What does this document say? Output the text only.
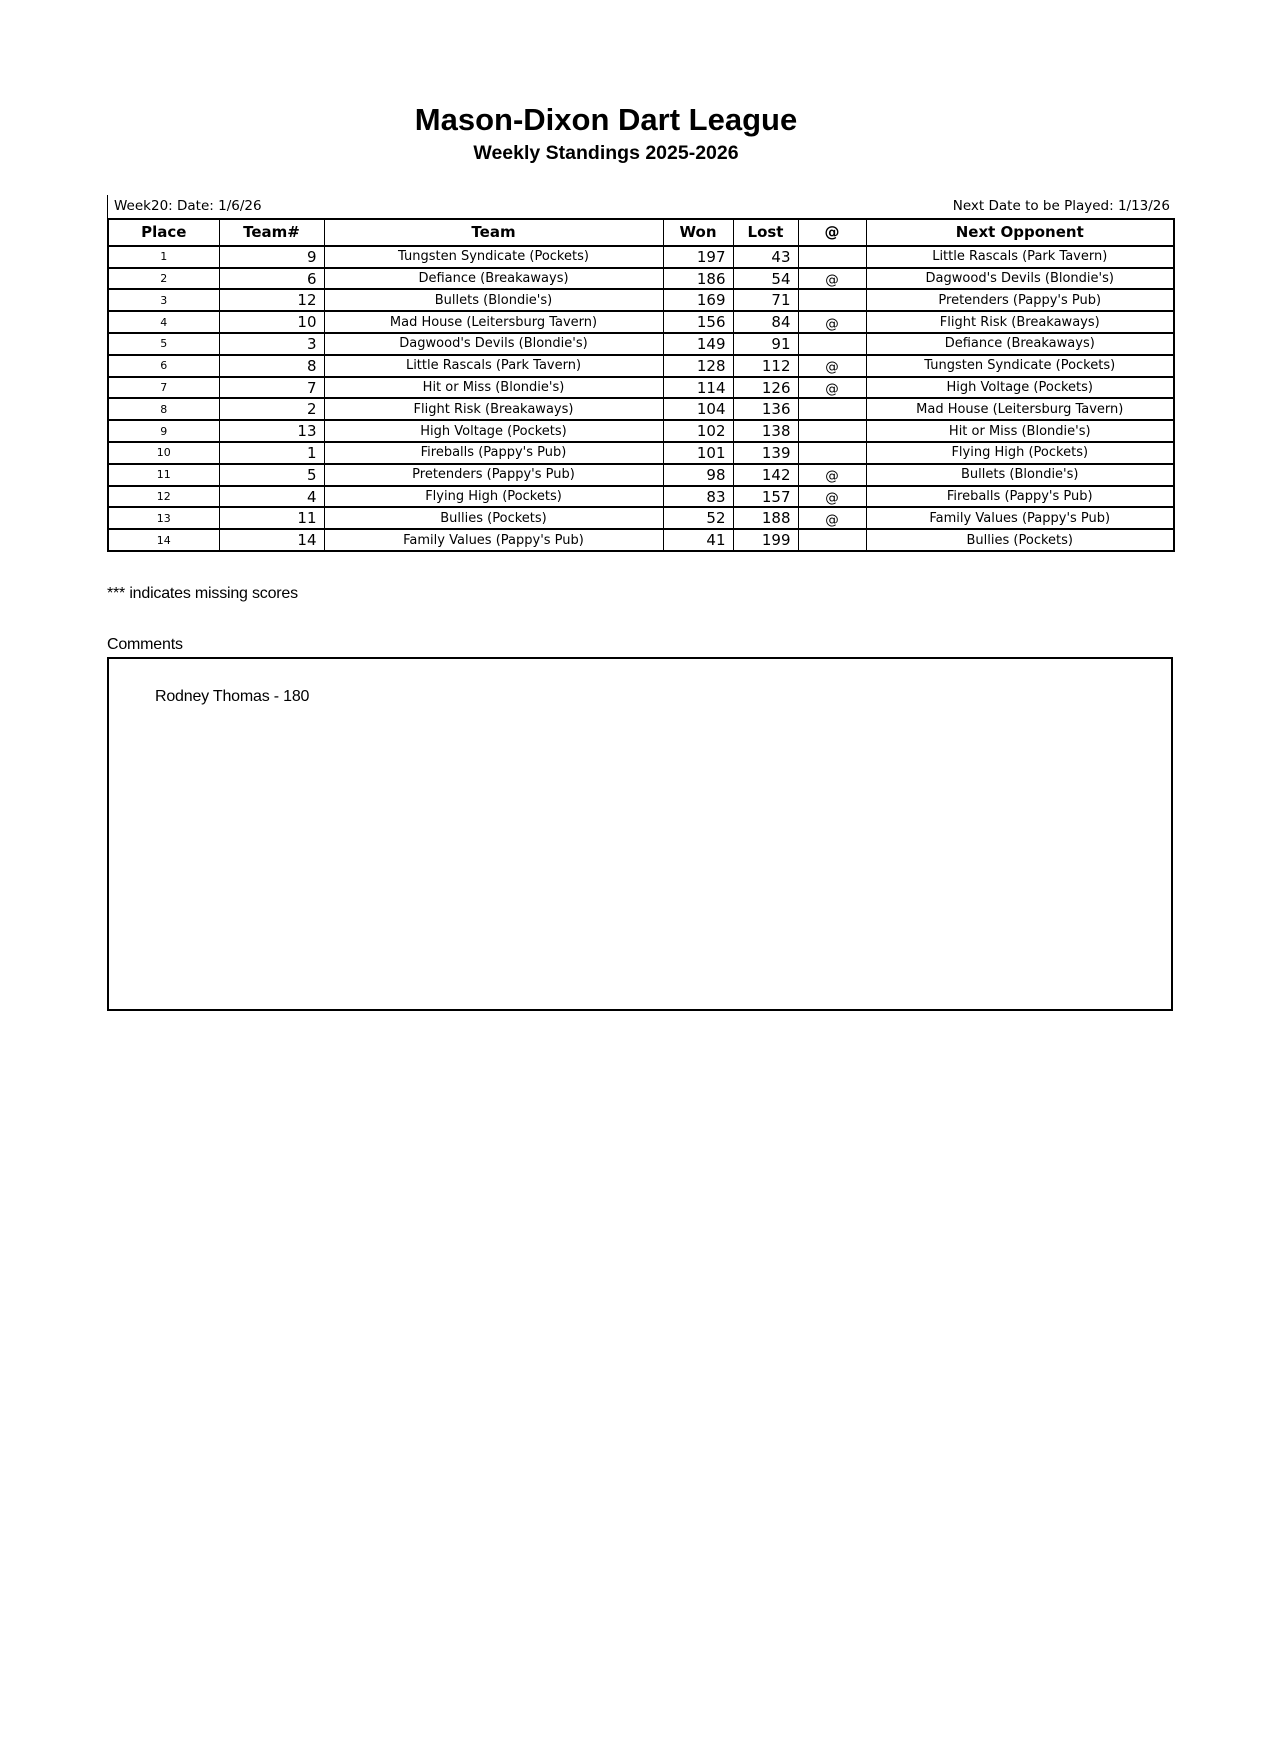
Mason-Dixon Dart League
Weekly Standings 2025-2026
Week20: Date: 1/6/26	Next Date to be Played: 1/13/26
Place	Team#	Team	Won	Lost	@	Next Opponent
1	9	Tungsten Syndicate (Pockets)	197	43		Little Rascals (Park Tavern)
2	6	Defiance (Breakaways)	186	54	@	Dagwood's Devils (Blondie's)
3	12	Bullets (Blondie's)	169	71		Pretenders (Pappy's Pub)
4	10	Mad House (Leitersburg Tavern)	156	84	@	Flight Risk (Breakaways)
5	3	Dagwood's Devils (Blondie's)	149	91		Defiance (Breakaways)
6	8	Little Rascals (Park Tavern)	128	112	@	Tungsten Syndicate (Pockets)
7	7	Hit or Miss (Blondie's)	114	126	@	High Voltage (Pockets)
8	2	Flight Risk (Breakaways)	104	136		Mad House (Leitersburg Tavern)
9	13	High Voltage (Pockets)	102	138		Hit or Miss (Blondie's)
10	1	Fireballs (Pappy's Pub)	101	139		Flying High (Pockets)
11	5	Pretenders (Pappy's Pub)	98	142	@	Bullets (Blondie's)
12	4	Flying High (Pockets)	83	157	@	Fireballs (Pappy's Pub)
13	11	Bullies (Pockets)	52	188	@	Family Values (Pappy's Pub)
14	14	Family Values (Pappy's Pub)	41	199		Bullies (Pockets)
*** indicates missing scores
Comments
Rodney Thomas - 180
